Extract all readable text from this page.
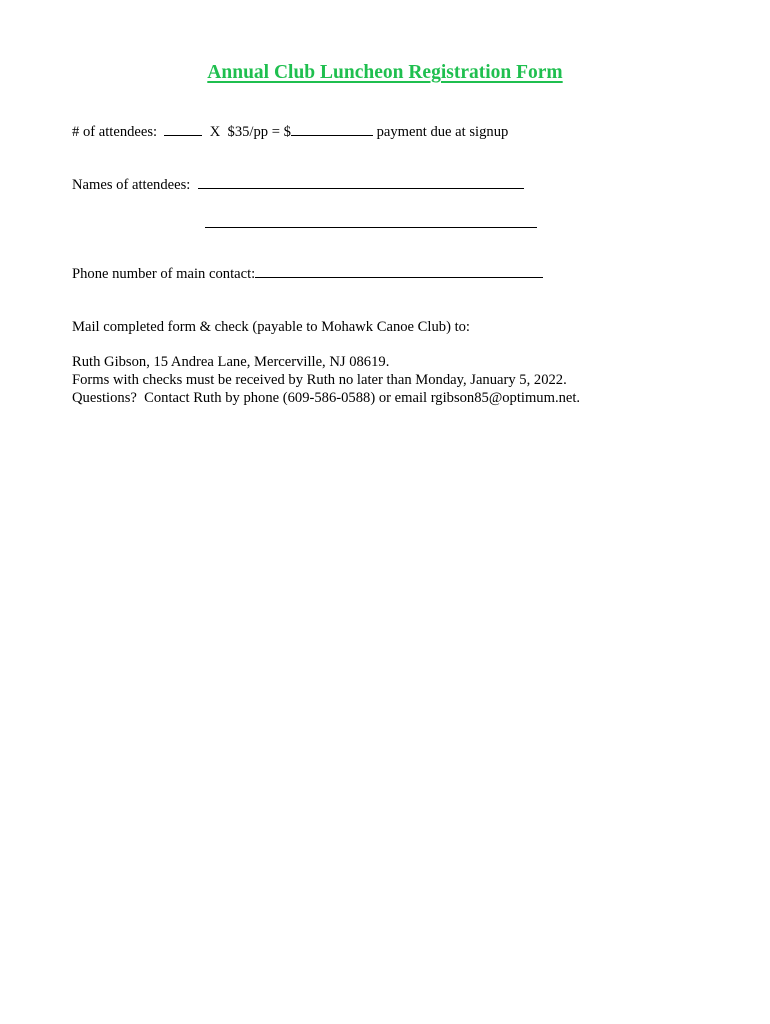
Annual Club Luncheon Registration Form
# of attendees:	X  $35/pp = $	payment due at signup
Names of attendees:
Phone number of main contact:
Mail completed form & check (payable to Mohawk Canoe Club) to:
Ruth Gibson, 15 Andrea Lane, Mercerville, NJ 08619.
Forms with checks must be received by Ruth no later than Monday, January 5, 2022.
Questions?  Contact Ruth by phone (609-586-0588) or email rgibson85@optimum.net.
